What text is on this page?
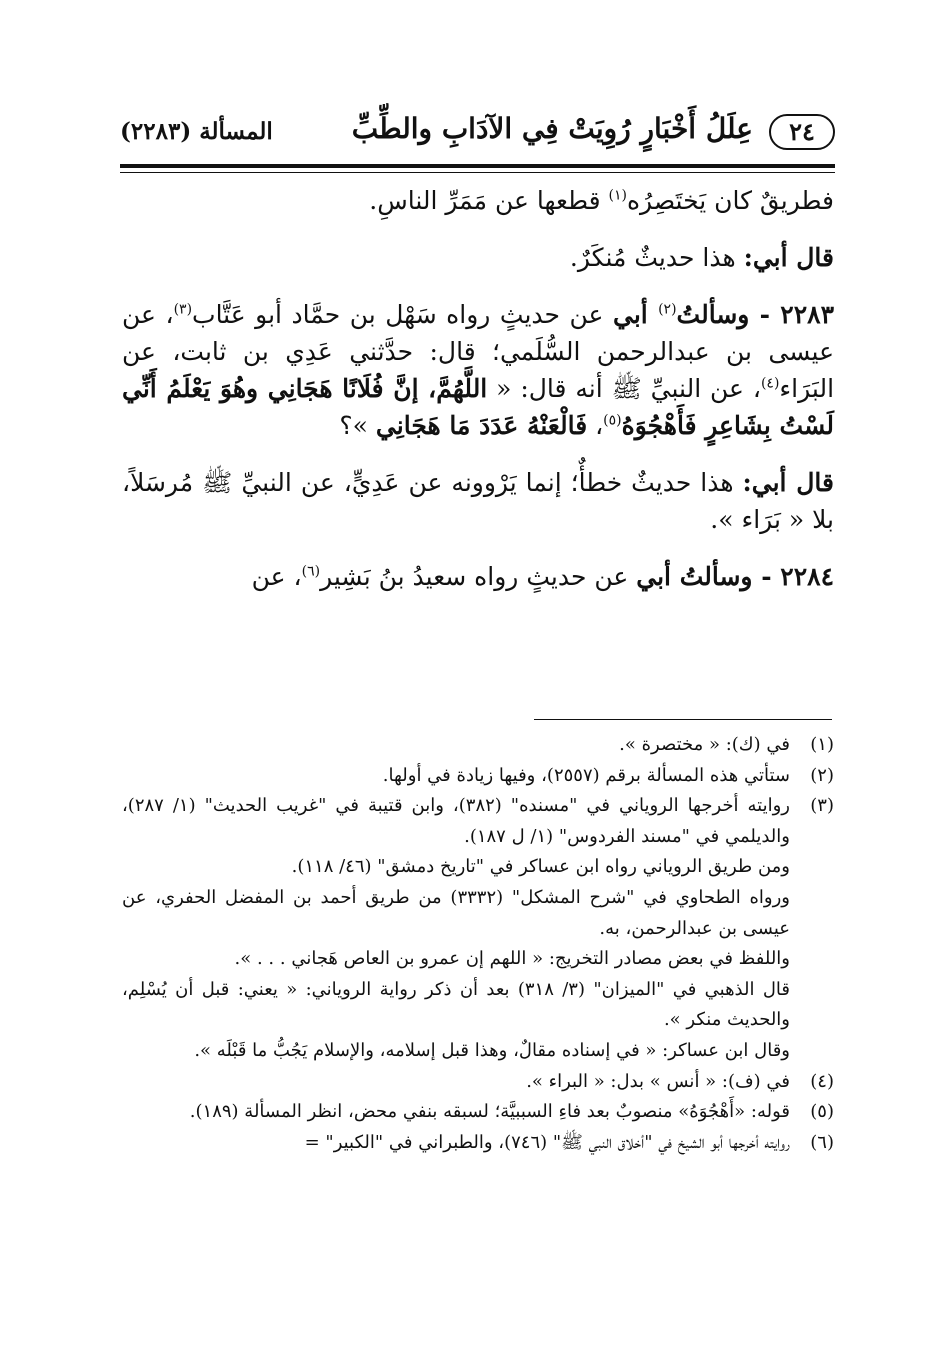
٢٤
عِلَلُ أَخْبَارٍ رُوِيَتْ فِي الآدَابِ والطِّبِّ
المسألة (٢٢٨٣)

فطريقٌ كان يَختَصِرُه$^{(١)}$ قطعها عن مَمَرِّ الناسِ.

قال أبي: هذا حديثٌ مُنكَرٌ.

٢٢٨٣ - وسألتُ$^{(٢)}$ أبي عن حديثٍ رواه سَهْل بن حمَّاد أبو عَتَّاب$^{(٣)}$، عن عيسى بن عبدالرحمن السُّلَمي؛ قال: حدَّثني عَدِي بن ثابت، عن البَرَاء$^{(٤)}$، عن النبيِّ ﷺ أنه قال: « اللَّهُمَّ، إنَّ فُلَانًا هَجَانِي وهُوَ يَعْلَمُ أَنِّي لَسْتُ بِشَاعِرٍ فَأَهْجُوَهُ$^{(٥)}$، فَالْعَنْهُ عَدَدَ مَا هَجَانِي »؟

قال أبي: هذا حديثٌ خطأٌ؛ إنما يَرْوونه عن عَدِيٍّ، عن النبيِّ ﷺ مُرسَلاً، بلا « بَرَاء ».

٢٢٨٤ - وسألتُ أبي عن حديثٍ رواه سعيدُ بنُ بَشِير$^{(٦)}$، عن

(١)
في (ك): « مختصرة ».
(٢)
ستأتي هذه المسألة برقم (٢٥٥٧)، وفيها زيادة في أولها.
(٣)
روايته أخرجها الروياني في "مسنده" (٣٨٢)، وابن قتيبة في "غريب الحديث" (١/ ٢٨٧)، والديلمي في "مسند الفردوس" (١/ ل ١٨٧).
ومن طريق الروياني رواه ابن عساكر في "تاريخ دمشق" (٤٦/ ١١٨).
ورواه الطحاوي في "شرح المشكل" (٣٣٣٢) من طريق أحمد بن المفضل الحفري، عن عيسى بن عبدالرحمن، به.
واللفظ في بعض مصادر التخريج: « اللهم إن عمرو بن العاص هَجاني . . . ».
قال الذهبي في "الميزان" (٣/ ٣١٨) بعد أن ذكر رواية الروياني: « يعني: قبل أن يُسْلِم، والحديث منكر ».
وقال ابن عساكر: « في إسناده مقالٌ، وهذا قبل إسلامه، والإسلام يَجُبُّ ما قَبْلَه ».
(٤)
في (ف): « أنس » بدل: « البراء ».
(٥)
قوله: «أَهْجُوَهُ» منصوبٌ بعد فاءِ السببيَّة؛ لسبقه بنفي محض، انظر المسألة (١٨٩).
(٦)
روايته أخرجها أبو الشيخ في "أخلاق النبي ﷺ" (٧٤٦)، والطبراني في "الكبير" =
